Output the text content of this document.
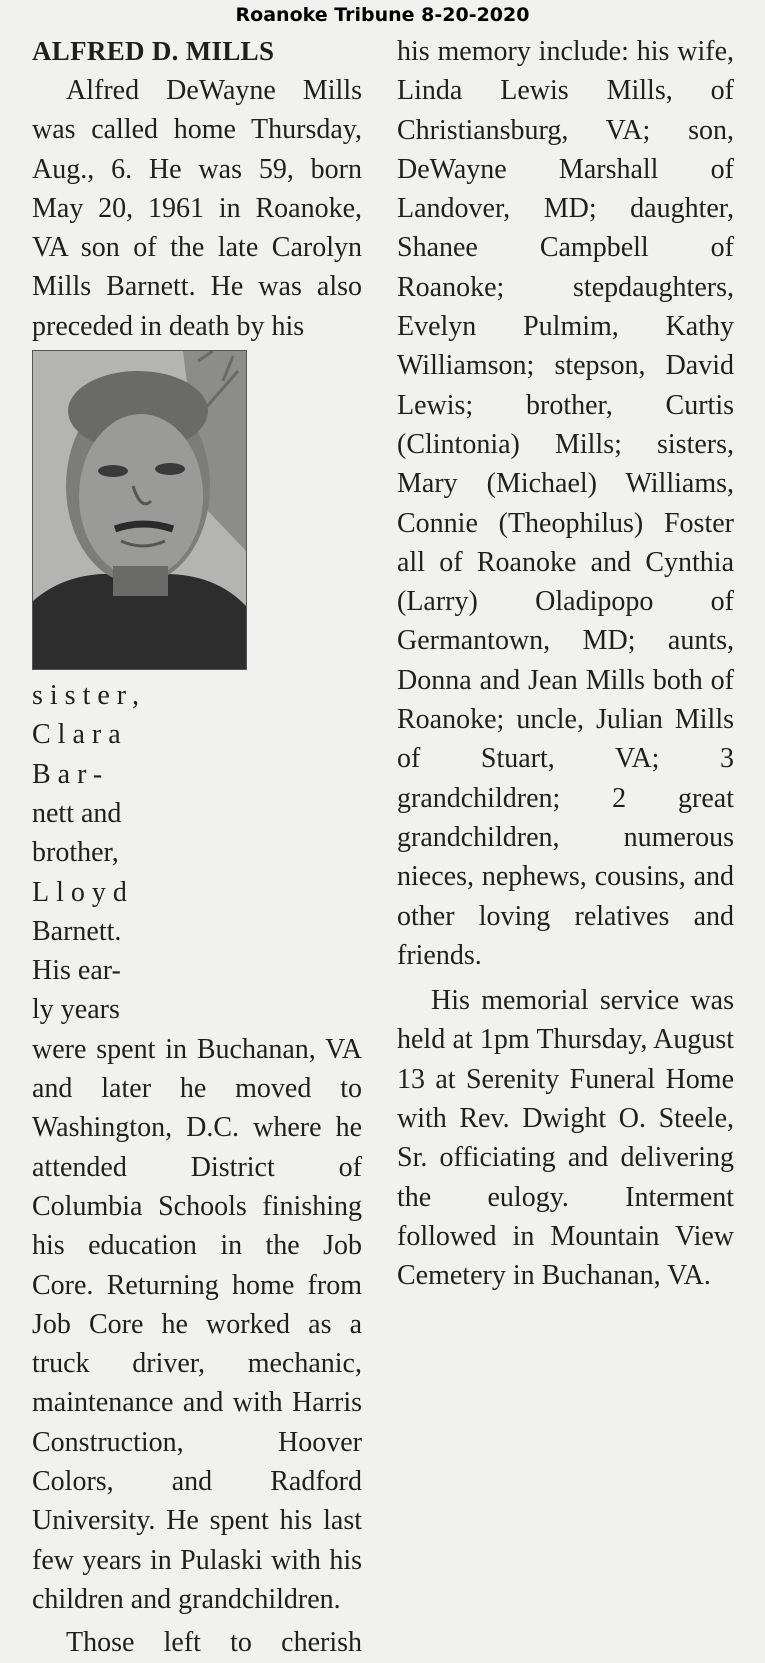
Roanoke Tribune 8-20-2020
ALFRED D. MILLS

Alfred DeWayne Mills was called home Thursday, Aug., 6. He was 59, born May 20, 1961 in Roanoke, VA son of the late Carolyn Mills Barnett. He was also preceded in death by his

sister,
Clara
Bar-
nett and
brother,
Lloyd
Barnett.
His ear-
ly years

were spent in Buchanan, VA and later he moved to Washington, D.C. where he attended District of Columbia Schools finishing his education in the Job Core. Returning home from Job Core he worked as a truck driver, mechanic, maintenance and with Harris Construction, Hoover Colors, and Radford University. He spent his last few years in Pulaski with his children and grandchildren.

Those left to cherish

his memory include: his wife, Linda Lewis Mills, of Christiansburg, VA; son, DeWayne Marshall of Landover, MD; daughter, Shanee Campbell of Roanoke; stepdaughters, Evelyn Pulmim, Kathy Williamson; stepson, David Lewis; brother, Curtis (Clintonia) Mills; sisters, Mary (Michael) Williams, Connie (Theophilus) Foster all of Roanoke and Cynthia (Larry) Oladipopo of Germantown, MD; aunts, Donna and Jean Mills both of Roanoke; uncle, Julian Mills of Stuart, VA; 3 grandchildren; 2 great grandchildren, numerous nieces, nephews, cousins, and other loving relatives and friends.

His memorial service was held at 1pm Thursday, August 13 at Serenity Funeral Home with Rev. Dwight O. Steele, Sr. officiating and delivering the eulogy. Interment followed in Mountain View Cemetery in Buchanan, VA.
